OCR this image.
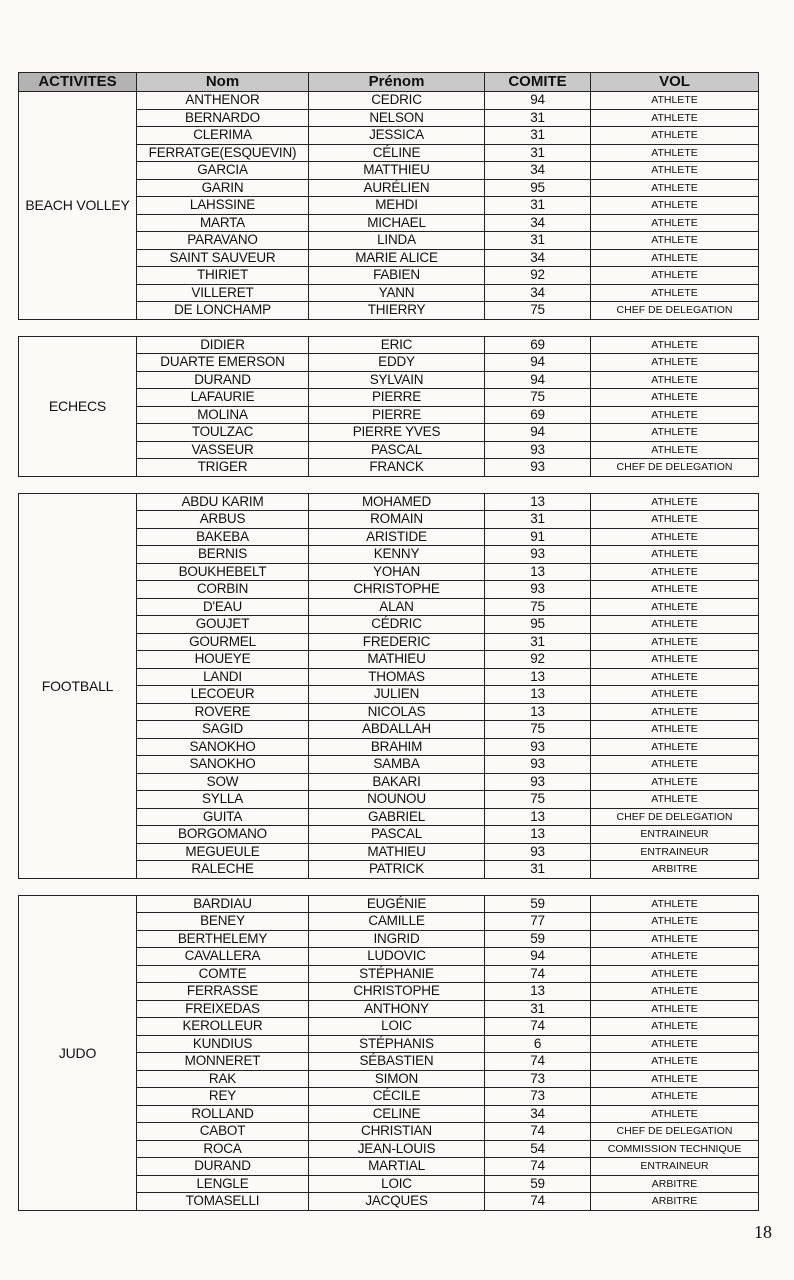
ACTIVITES	Nom	Prénom	COMITE	VOL
BEACH VOLLEY	ANTHENOR	CEDRIC	94	ATHLETE
	BERNARDO	NELSON	31	ATHLETE
	CLERIMA	JESSICA	31	ATHLETE
	FERRATGE(ESQUEVIN)	CÉLINE	31	ATHLETE
	GARCIA	MATTHIEU	34	ATHLETE
	GARIN	AURÉLIEN	95	ATHLETE
	LAHSSINE	MEHDI	31	ATHLETE
	MARTA	MICHAEL	34	ATHLETE
	PARAVANO	LINDA	31	ATHLETE
	SAINT SAUVEUR	MARIE ALICE	34	ATHLETE
	THIRIET	FABIEN	92	ATHLETE
	VILLERET	YANN	34	ATHLETE
	DE LONCHAMP	THIERRY	75	CHEF DE DELEGATION
ECHECS	DIDIER	ERIC	69	ATHLETE
	DUARTE EMERSON	EDDY	94	ATHLETE
	DURAND	SYLVAIN	94	ATHLETE
	LAFAURIE	PIERRE	75	ATHLETE
	MOLINA	PIERRE	69	ATHLETE
	TOULZAC	PIERRE YVES	94	ATHLETE
	VASSEUR	PASCAL	93	ATHLETE
	TRIGER	FRANCK	93	CHEF DE DELEGATION
FOOTBALL	ABDU KARIM	MOHAMED	13	ATHLETE
	ARBUS	ROMAIN	31	ATHLETE
	BAKEBA	ARISTIDE	91	ATHLETE
	BERNIS	KENNY	93	ATHLETE
	BOUKHEBELT	YOHAN	13	ATHLETE
	CORBIN	CHRISTOPHE	93	ATHLETE
	D'EAU	ALAN	75	ATHLETE
	GOUJET	CÉDRIC	95	ATHLETE
	GOURMEL	FREDERIC	31	ATHLETE
	HOUEYE	MATHIEU	92	ATHLETE
	LANDI	THOMAS	13	ATHLETE
	LECOEUR	JULIEN	13	ATHLETE
	ROVERE	NICOLAS	13	ATHLETE
	SAGID	ABDALLAH	75	ATHLETE
	SANOKHO	BRAHIM	93	ATHLETE
	SANOKHO	SAMBA	93	ATHLETE
	SOW	BAKARI	93	ATHLETE
	SYLLA	NOUNOU	75	ATHLETE
	GUITA	GABRIEL	13	CHEF DE DELEGATION
	BORGOMANO	PASCAL	13	ENTRAINEUR
	MEGUEULE	MATHIEU	93	ENTRAINEUR
	RALECHE	PATRICK	31	ARBITRE
JUDO	BARDIAU	EUGÉNIE	59	ATHLETE
	BENEY	CAMILLE	77	ATHLETE
	BERTHELEMY	INGRID	59	ATHLETE
	CAVALLERA	LUDOVIC	94	ATHLETE
	COMTE	STÉPHANIE	74	ATHLETE
	FERRASSE	CHRISTOPHE	13	ATHLETE
	FREIXEDAS	ANTHONY	31	ATHLETE
	KEROLLEUR	LOIC	74	ATHLETE
	KUNDIUS	STÉPHANIS	6	ATHLETE
	MONNERET	SÉBASTIEN	74	ATHLETE
	RAK	SIMON	73	ATHLETE
	REY	CÉCILE	73	ATHLETE
	ROLLAND	CELINE	34	ATHLETE
	CABOT	CHRISTIAN	74	CHEF DE DELEGATION
	ROCA	JEAN-LOUIS	54	COMMISSION TECHNIQUE
	DURAND	MARTIAL	74	ENTRAINEUR
	LENGLE	LOIC	59	ARBITRE
	TOMASELLI	JACQUES	74	ARBITRE
18
